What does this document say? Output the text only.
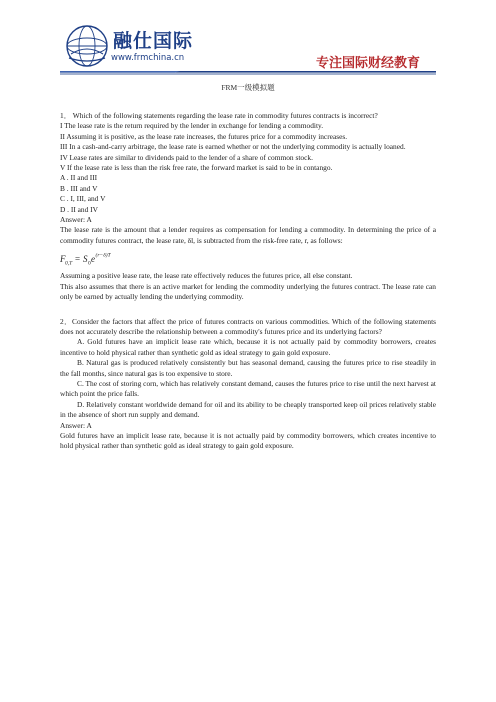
融仕国际
www.frmchina.cn	专注国际财经教育
FRM一级模拟题

1． Which of the following statements regarding the lease rate in commodity futures contracts is incorrect?

I The lease rate is the return required by the lender in exchange for lending a commodity.

II Assuming it is positive, as the lease rate increases, the futures price for a commodity increases.

III In a cash-and-carry arbitrage, the lease rate is earned whether or not the underlying commodity is actually loaned.

IV Lease rates are similar to dividends paid to the lender of a share of common stock.

V If the lease rate is less than the risk free rate, the forward market is said to be in contango.

A . II and III

B . III and V

C . I, III, and V

D . II and IV

Answer: A

The lease rate is the amount that a lender requires as compensation for lending a commodity. In determining the price of a commodity futures contract, the lease rate, δl, is subtracted from the risk-free rate, r, as follows:

F 0,T = S 0 e (r−δ)T

Assuming a positive lease rate, the lease rate effectively reduces the futures price, all else constant.

This also assumes that there is an active market for lending the commodity underlying the futures contract. The lease rate can only be earned by actually lending the underlying commodity.

2．Consider the factors that affect the price of futures contracts on various commodities. Which of the following statements does not accurately describe the relationship between a commodity's futures price and its underlying factors?

A. Gold futures have an implicit lease rate which, because it is not actually paid by commodity borrowers, creates incentive to hold physical rather than synthetic gold as ideal strategy to gain gold exposure.

B. Natural gas is produced relatively consistently but has seasonal demand, causing the futures price to rise steadily in the fall months, since natural gas is too expensive to store.

C. The cost of storing corn, which has relatively constant demand, causes the futures price to rise until the next harvest at which point the price falls.

D. Relatively constant worldwide demand for oil and its ability to be cheaply transported keep oil prices relatively stable in the absence of short run supply and demand.

Answer: A

Gold futures have an implicit lease rate, because it is not actually paid by commodity borrowers, which creates incentive to hold physical rather than synthetic gold as ideal strategy to gain gold exposure.
